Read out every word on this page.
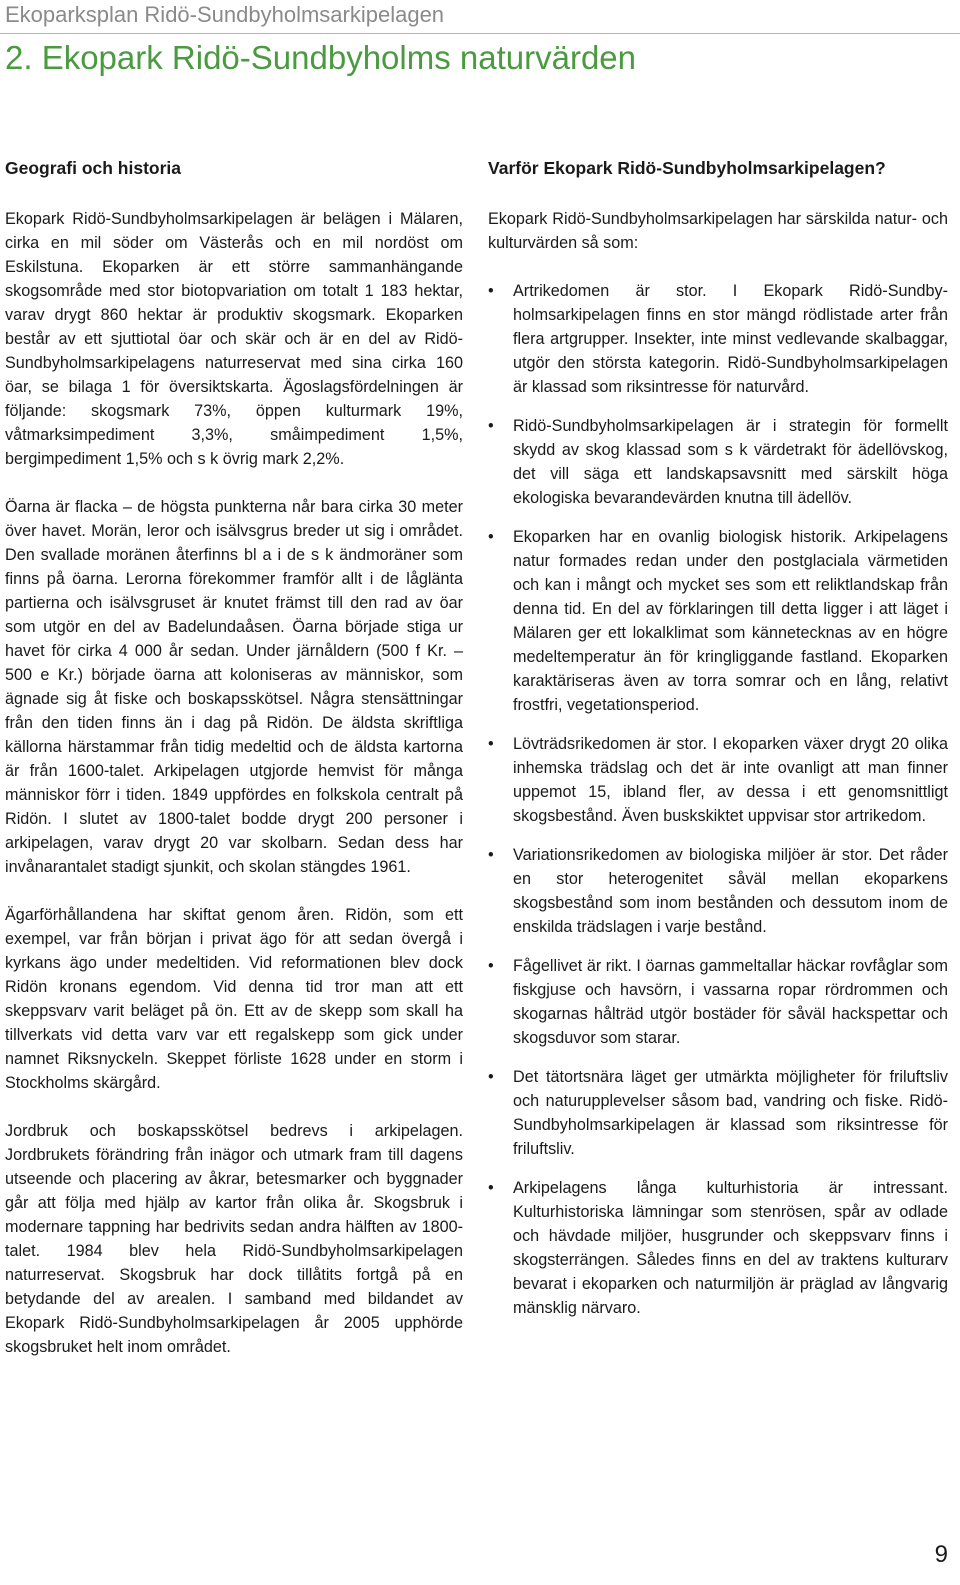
Ekoparksplan Ridö-Sundbyholmsarkipelagen
2. Ekopark Ridö-Sundbyholms naturvärden
Geografi och historia

Ekopark Ridö-Sundbyholmsarkipelagen är belägen i Mälaren, cirka en mil söder om Västerås och en mil nordöst om Eskilstuna. Ekoparken är ett större sammanhängande skogsområde med stor biotopvariation om totalt 1 183 hektar, varav drygt 860 hektar är produktiv skogsmark. Ekoparken består av ett sjuttiotal öar och skär och är en del av Ridö-Sundbyholmsarkipelagens naturreservat med sina cirka 160 öar, se bilaga 1 för översiktskarta. Ägoslagsfördelningen är följande: skogsmark 73%, öppen kulturmark 19%, våtmarksimpediment 3,3%, småimpediment 1,5%, bergimpediment 1,5% och s k övrig mark 2,2%.

Öarna är flacka – de högsta punkterna når bara cirka 30 meter över havet. Morän, leror och isälvsgrus breder ut sig i området. Den svallade moränen återfinns bl a i de s k ändmoräner som finns på öarna. Lerorna förekommer framför allt i de låglänta partierna och isälvsgruset är knutet främst till den rad av öar som utgör en del av Badelundaåsen. Öarna började stiga ur havet för cirka 4 000 år sedan. Under järnåldern (500 f Kr. – 500 e Kr.) började öarna att koloniseras av människor, som ägnade sig åt fiske och boskapsskötsel. Några stensättningar från den tiden finns än i dag på Ridön. De äldsta skriftliga källorna härstammar från tidig medeltid och de äldsta kartorna är från 1600-talet. Arkipelagen utgjorde hemvist för många människor förr i tiden. 1849 uppfördes en folkskola centralt på Ridön. I slutet av 1800-talet bodde drygt 200 personer i arkipelagen, varav drygt 20 var skolbarn. Sedan dess har invånarantalet stadigt sjunkit, och skolan stängdes 1961.

Ägarförhållandena har skiftat genom åren. Ridön, som ett exempel, var från början i privat ägo för att sedan övergå i kyrkans ägo under medeltiden. Vid reformationen blev dock Ridön kronans egendom. Vid denna tid tror man att ett skeppsvarv varit beläget på ön. Ett av de skepp som skall ha tillverkats vid detta varv var ett regalskepp som gick under namnet Riksnyckeln. Skeppet förliste 1628 under en storm i Stockholms skärgård.

Jordbruk och boskapsskötsel bedrevs i arkipelagen. Jordbrukets förändring från inägor och utmark fram till dagens utseende och placering av åkrar, betesmarker och byggnader går att följa med hjälp av kartor från olika år. Skogsbruk i modernare tappning har bedrivits sedan andra hälften av 1800-talet. 1984 blev hela Ridö-Sundbyholmsarkipelagen naturreservat. Skogsbruk har dock tillåtits fortgå på en betydande del av arealen. I samband med bildandet av Ekopark Ridö-Sundbyholmsarkipelagen år 2005 upphörde skogsbruket helt inom området.

Varför Ekopark Ridö-Sundbyholmsarkipelagen?

Ekopark Ridö-Sundbyholmsarkipelagen har särskilda natur- och kulturvärden så som:

•	Artrikedomen är stor. I Ekopark Ridö-Sundbyholmsarkipelagen finns en stor mängd rödlistade arter från flera artgrupper. Insekter, inte minst vedlevande skalbaggar, utgör den största kategorin. Ridö-Sundbyholmsarkipelagen är klassad som riksintresse för naturvård.
•	Ridö-Sundbyholmsarkipelagen är i strategin för formellt skydd av skog klassad som s k värdetrakt för ädellövskog, det vill säga ett landskapsavsnitt med särskilt höga ekologiska bevarandevärden knutna till ädellöv.
•	Ekoparken har en ovanlig biologisk historik. Arkipelagens natur formades redan under den postglaciala värmetiden och kan i mångt och mycket ses som ett reliktlandskap från denna tid. En del av förklaringen till detta ligger i att läget i Mälaren ger ett lokalklimat som kännetecknas av en högre medeltemperatur än för kringliggande fastland. Ekoparken karaktäriseras även av torra somrar och en lång, relativt frostfri, vegetationsperiod.
•	Lövträdsrikedomen är stor. I ekoparken växer drygt 20 olika inhemska trädslag och det är inte ovanligt att man finner uppemot 15, ibland fler, av dessa i ett genomsnittligt skogsbestånd. Även buskskiktet uppvisar stor artrikedom.
•	Variationsrikedomen av biologiska miljöer är stor. Det råder en stor heterogenitet såväl mellan ekoparkens skogsbestånd som inom bestånden och dessutom inom de enskilda trädslagen i varje bestånd.
•	Fågellivet är rikt. I öarnas gammeltallar häckar rovfåglar som fiskgjuse och havsörn, i vassarna ropar rördrommen och skogarnas hålträd utgör bostäder för såväl hackspettar och skogsduvor som starar.
•	Det tätortsnära läget ger utmärkta möjligheter för friluftsliv och naturupplevelser såsom bad, vandring och fiske. Ridö-Sundbyholmsarkipelagen är klassad som riksintresse för friluftsliv.
•	Arkipelagens långa kulturhistoria är intressant. Kulturhistoriska lämningar som stenrösen, spår av odlade och hävdade miljöer, husgrunder och skeppsvarv finns i skogsterrängen. Således finns en del av traktens kulturarv bevarat i ekoparken och naturmiljön är präglad av långvarig mänsklig närvaro.
9
